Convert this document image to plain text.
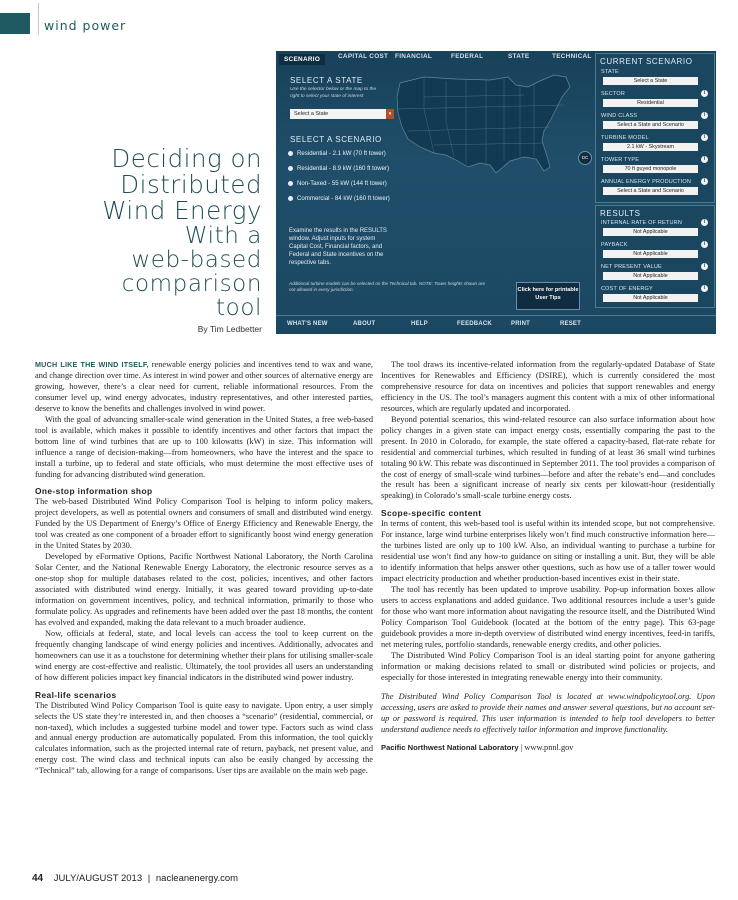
wind power
Deciding on
Distributed
Wind Energy
With a
web-based
comparison
tool
By Tim Ledbetter
SCENARIO	CAPITAL COST FINANCIAL	FEDERAL	STATE	TECHNICAL
SELECT A STATE
Use the selector below or the map to the right to select your state of interest
Select a State	▾
SELECT A SCENARIO
Residential - 2.1 kW (70 ft tower)
Residential - 8.9 kW (160 ft tower)
Non-Taxed - 55 kW (144 ft tower)
Commercial - 84 kW (160 ft tower)
DC
Examine the results in the RESULTS window. Adjust inputs for system Capital Cost, Financial factors, and Federal and State incentives on the respective tabs.
Additional turbine models can be selected on the Technical tab. NOTE: Tower heights shown are not allowed in every jurisdiction.	Click here for printable User Tips
CURRENT SCENARIO
STATE
Select a State
SECTOR	i
Residential
WIND CLASS	i
Select a State and Scenario
TURBINE MODEL	i
2.1 kW - Skystream
TOWER TYPE	i
70 ft guyed monopole
ANNUAL ENERGY PRODUCTION	i
Select a State and Scenario
RESULTS
INTERNAL RATE OF RETURN	i
Not Applicable
PAYBACK	i
Not Applicable
NET PRESENT VALUE	i
Not Applicable
COST OF ENERGY	i
Not Applicable
WHAT'S NEW	ABOUT	HELP	FEEDBACK	PRINT	RESET

MUCH LIKE THE WIND ITSELF, renewable energy policies and incentives tend to wax and wane, and change direction over time. As interest in wind power and other sources of alternative energy are growing, however, there’s a clear need for current, reliable informational resources. From the consumer level up, wind energy advocates, industry representatives, and other interested parties, deserve to know the benefits and challenges involved in wind power.

With the goal of advancing smaller-scale wind generation in the United States, a free web-based tool is available, which makes it possible to identify incentives and other factors that impact the bottom line of wind turbines that are up to 100 kilowatts (kW) in size. This information will influence a range of decision-making—from homeowners, who have the interest and the space to install a turbine, up to federal and state officials, who must determine the most effective uses of funding for advancing distributed wind generation.

One-stop information shop

The web-based Distributed Wind Policy Comparison Tool is helping to inform policy makers, project developers, as well as potential owners and consumers of small and distributed wind energy. Funded by the US Department of Energy’s Office of Energy Efficiency and Renewable Energy, the tool was created as one component of a broader effort to significantly boost wind energy generation in the United States by 2030.

Developed by eFormative Options, Pacific Northwest National Laboratory, the North Carolina Solar Center, and the National Renewable Energy Laboratory, the electronic resource serves as a one-stop shop for multiple databases related to the cost, policies, incentives, and other factors associated with distributed wind energy. Initially, it was geared toward providing up-to-date information on government incentives, policy, and technical information, primarily to those who formulate policy. As upgrades and refinements have been added over the past 18 months, the content has evolved and expanded, making the data relevant to a much broader audience.

Now, officials at federal, state, and local levels can access the tool to keep current on the frequently changing landscape of wind energy policies and incentives. Additionally, advocates and homeowners can use it as a touchstone for determining whether their plans for utilising smaller-scale wind energy are cost-effective and realistic. Ultimately, the tool provides all users an understanding of how different policies impact key financial indicators in the distributed wind power industry.

Real-life scenarios

The Distributed Wind Policy Comparison Tool is quite easy to navigate. Upon entry, a user simply selects the US state they’re interested in, and then chooses a “scenario” (residential, commercial, or non-taxed), which includes a suggested turbine model and tower type. Factors such as wind class and annual energy production are automatically populated. From this information, the tool quickly calculates information, such as the projected internal rate of return, payback, net present value, and energy cost. The wind class and technical inputs can also be easily changed by accessing the “Technical” tab, allowing for a range of comparisons. User tips are available on the main web page.

The tool draws its incentive-related information from the regularly-updated Database of State Incentives for Renewables and Efficiency (DSIRE), which is currently considered the most comprehensive resource for data on incentives and policies that support renewables and energy efficiency in the US. The tool’s managers augment this content with a mix of other informational resources, which are regularly updated and incorporated.

Beyond potential scenarios, this wind-related resource can also surface information about how policy changes in a given state can impact energy costs, essentially comparing the past to the present. In 2010 in Colorado, for example, the state offered a capacity-based, flat-rate rebate for residential and commercial turbines, which resulted in funding of at least 36 small wind turbines totaling 90 kW. This rebate was discontinued in September 2011. The tool provides a comparison of the cost of energy of small-scale wind turbines—before and after the rebate’s end—and concludes the result has been a significant increase of nearly six cents per kilowatt-hour (residentially speaking) in Colorado’s small-scale turbine energy costs.

Scope-specific content

In terms of content, this web-based tool is useful within its intended scope, but not comprehensive. For instance, large wind turbine enterprises likely won’t find much constructive information here—the turbines listed are only up to 100 kW. Also, an individual wanting to purchase a turbine for residential use won’t find any how-to guidance on siting or installing a unit. But, they will be able to identify information that helps answer other questions, such as how use of a taller tower would impact electricity production and whether production-based incentives exist in their state.

The tool has recently has been updated to improve usability. Pop-up information boxes allow users to access explanations and added guidance. Two additional resources include a user’s guide for those who want more information about navigating the resource itself, and the Distributed Wind Policy Comparison Tool Guidebook (located at the bottom of the entry page). This 63-page guidebook provides a more in-depth overview of distributed wind energy incentives, feed-in tariffs, net metering rules, portfolio standards, renewable energy credits, and other policies.

The Distributed Wind Policy Comparison Tool is an ideal starting point for anyone gathering information or making decisions related to small or distributed wind policies or projects, and especially for those interested in integrating renewable energy into their community.

The Distributed Wind Policy Comparison Tool is located at www.windpolicytool.org. Upon accessing, users are asked to provide their names and answer several questions, but no account set-up or password is required. This user information is intended to help tool developers to better understand audience needs to effectively tailor information and improve functionality.

Pacific Northwest National Laboratory | www.pnnl.gov

44 JULY/AUGUST 2013 | nacleanenergy.com
